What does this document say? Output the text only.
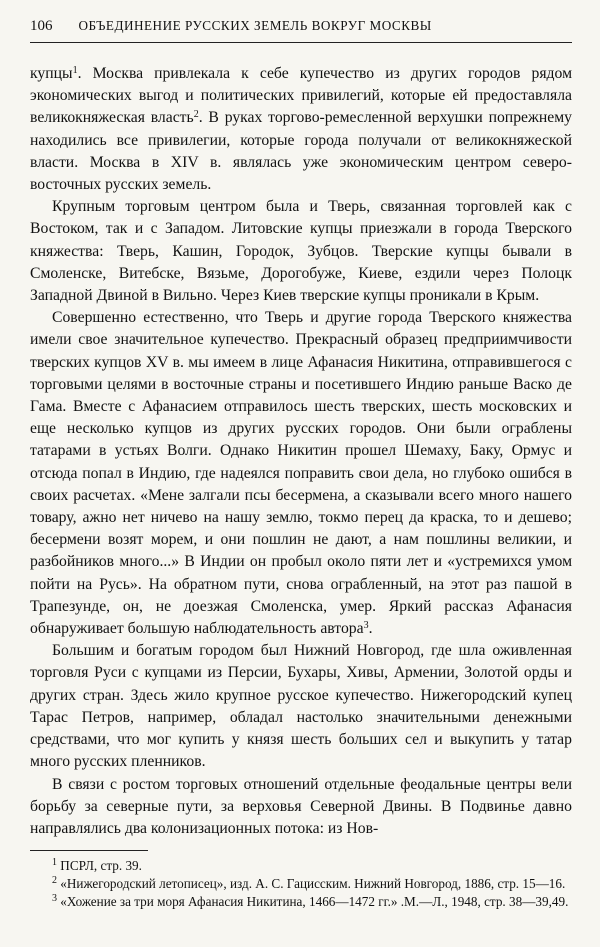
106 ОБЪЕДИНЕНИЕ РУССКИХ ЗЕМЕЛЬ ВОКРУГ МОСКВЫ

купцы$^1$. Москва привлекала к себе купечество из других городов рядом экономических выгод и политических привилегий, которые ей предоставляла великокняжеская власть$^2$. В руках торгово-ремесленной верхушки попрежнему находились все привилегии, которые города получали от великокняжеской власти. Москва в XIV в. являлась уже экономическим центром северо-восточных русских земель.

Крупным торговым центром была и Тверь, связанная торговлей как с Востоком, так и с Западом. Литовские купцы приезжали в города Тверского княжества: Тверь, Кашин, Городок, Зубцов. Тверские купцы бывали в Смоленске, Витебске, Вязьме, Дорогобуже, Киеве, ездили через Полоцк Западной Двиной в Вильно. Через Киев тверские купцы проникали в Крым.

Совершенно естественно, что Тверь и другие города Тверского княжества имели свое значительное купечество. Прекрасный образец предприимчивости тверских купцов XV в. мы имеем в лице Афанасия Никитина, отправившегося с торговыми целями в восточные страны и посетившего Индию раньше Васко де Гама. Вместе с Афанасием отправилось шесть тверских, шесть московских и еще несколько купцов из других русских городов. Они были ограблены татарами в устьях Волги. Однако Никитин прошел Шемаху, Баку, Ормус и отсюда попал в Индию, где надеялся поправить свои дела, но глубоко ошибся в своих расчетах. «Мене залгали псы бесермена, а сказывали всего много нашего товару, ажно нет ничево на нашу землю, токмо перец да краска, то и дешево; бесермени возят морем, и они пошлин не дают, а нам пошлины великии, и разбойников много...» В Индии он пробыл около пяти лет и «устремихся умом пойти на Русь». На обратном пути, снова ограбленный, на этот раз пашой в Трапезунде, он, не доезжая Смоленска, умер. Яркий рассказ Афанасия обнаруживает большую наблюдательность автора$^3$.

Большим и богатым городом был Нижний Новгород, где шла оживленная торговля Руси с купцами из Персии, Бухары, Хивы, Армении, Золотой орды и других стран. Здесь жило крупное русское купечество. Нижегородский купец Тарас Петров, например, обладал настолько значительными денежными средствами, что мог купить у князя шесть больших сел и выкупить у татар много русских пленников.

В связи с ростом торговых отношений отдельные феодальные центры вели борьбу за северные пути, за верховья Северной Двины. В Подвинье давно направлялись два колонизационных потока: из Нов-

$^1$ ПСРЛ, стр. 39.

$^2$ «Нижегородский летописец», изд. А. С. Гацисским. Нижний Новгород, 1886, стр. 15—16.

$^3$ «Хожение за три моря Афанасия Никитина, 1466—1472 гг.» .М.—Л., 1948, стр. 38—39,49.
